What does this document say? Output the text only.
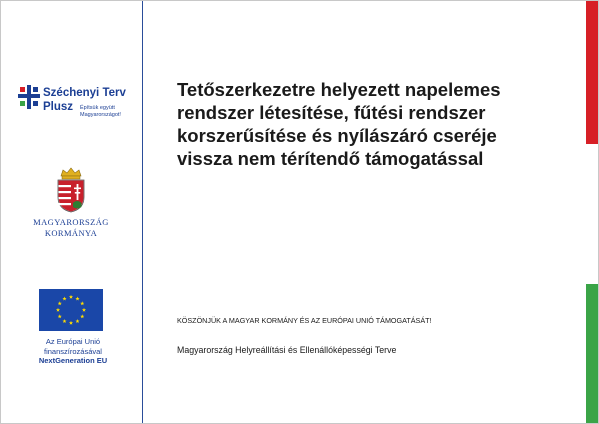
Széchenyi Terv
Plusz Építsük együtt
Magyarországot!
MAGYARORSZÁG
KORMÁNYA
Az Európai Unió
finanszírozásával
NextGeneration EU
Tetőszerkezetre helyezett napelemes rendszer létesítése, fűtési rendszer korszerűsítése és nyílászáró cseréje vissza nem térítendő támogatással

KÖSZÖNJÜK A MAGYAR KORMÁNY ÉS AZ EURÓPAI UNIÓ TÁMOGATÁSÁT!

Magyarország Helyreállítási és Ellenállóképességi Terve
